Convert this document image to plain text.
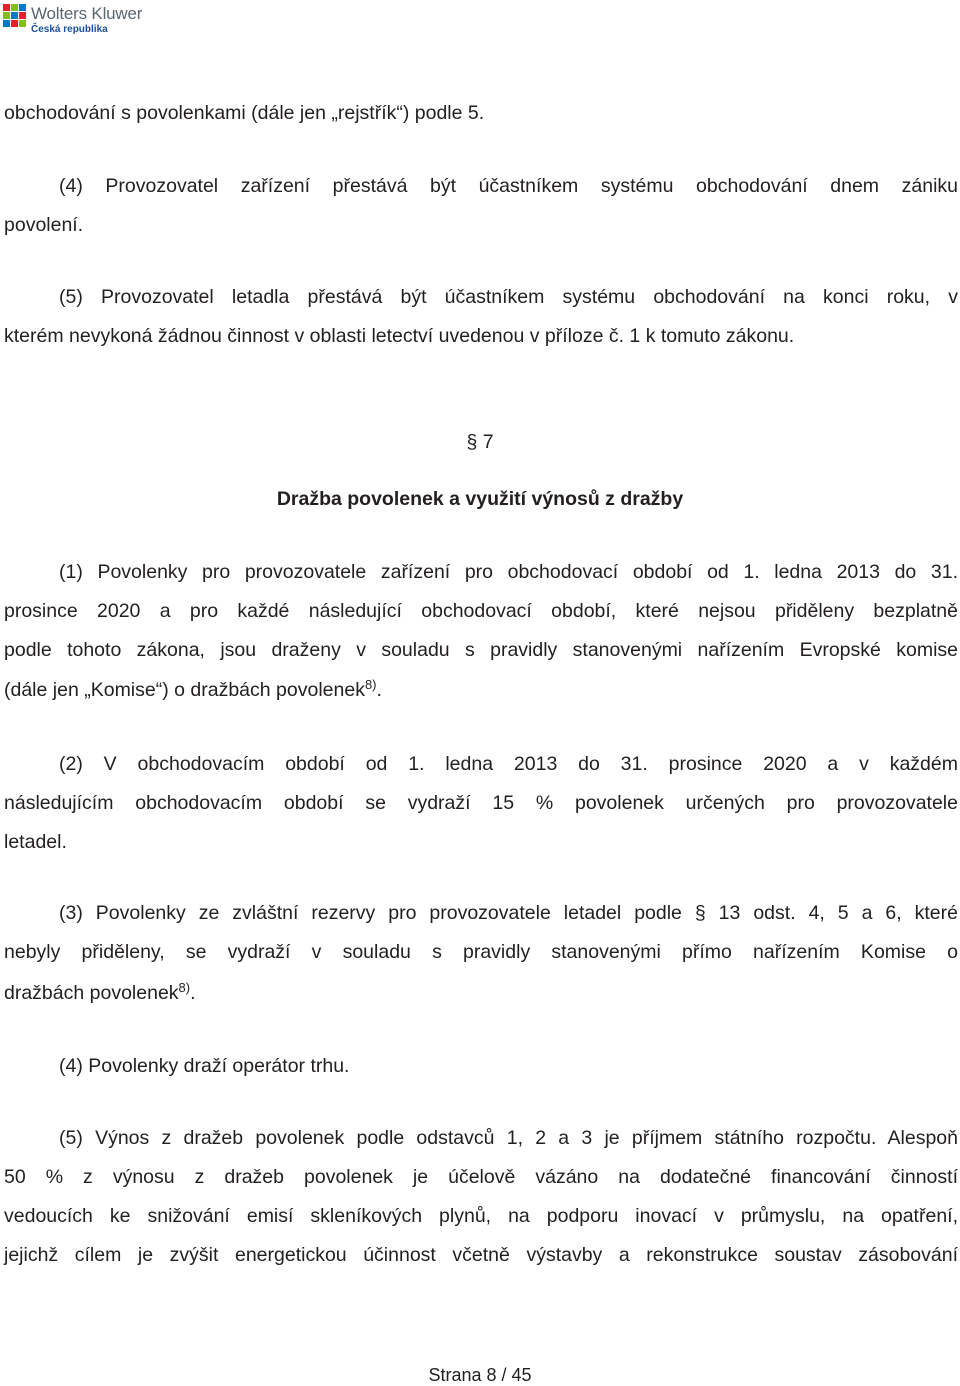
Wolters Kluwer
Česká republika
obchodování s povolenkami (dále jen „rejstřík“) podle 5.
(4) Provozovatel zařízení přestává být účastníkem systému obchodování dnem zániku
povolení.
(5) Provozovatel letadla přestává být účastníkem systému obchodování na konci roku, v
kterém nevykoná žádnou činnost v oblasti letectví uvedenou v příloze č. 1 k tomuto zákonu.
§ 7
Dražba povolenek a využití výnosů z dražby
(1) Povolenky pro provozovatele zařízení pro obchodovací období od 1. ledna 2013 do 31.
prosince 2020 a pro každé následující obchodovací období, které nejsou přiděleny bezplatně
podle tohoto zákona, jsou draženy v souladu s pravidly stanovenými nařízením Evropské komise
(dále jen „Komise“) o dražbách povolenek$^{8)}$.
(2) V obchodovacím období od 1. ledna 2013 do 31. prosince 2020 a v každém
následujícím obchodovacím období se vydraží 15 % povolenek určených pro provozovatele
letadel.
(3) Povolenky ze zvláštní rezervy pro provozovatele letadel podle § 13 odst. 4, 5 a 6, které
nebyly přiděleny, se vydraží v souladu s pravidly stanovenými přímo nařízením Komise o
dražbách povolenek$^{8)}$.
(4) Povolenky draží operátor trhu.
(5) Výnos z dražeb povolenek podle odstavců 1, 2 a 3 je příjmem státního rozpočtu. Alespoň
50 % z výnosu z dražeb povolenek je účelově vázáno na dodatečné financování činností
vedoucích ke snižování emisí skleníkových plynů, na podporu inovací v průmyslu, na opatření,
jejichž cílem je zvýšit energetickou účinnost včetně výstavby a rekonstrukce soustav zásobování
Strana 8 / 45
